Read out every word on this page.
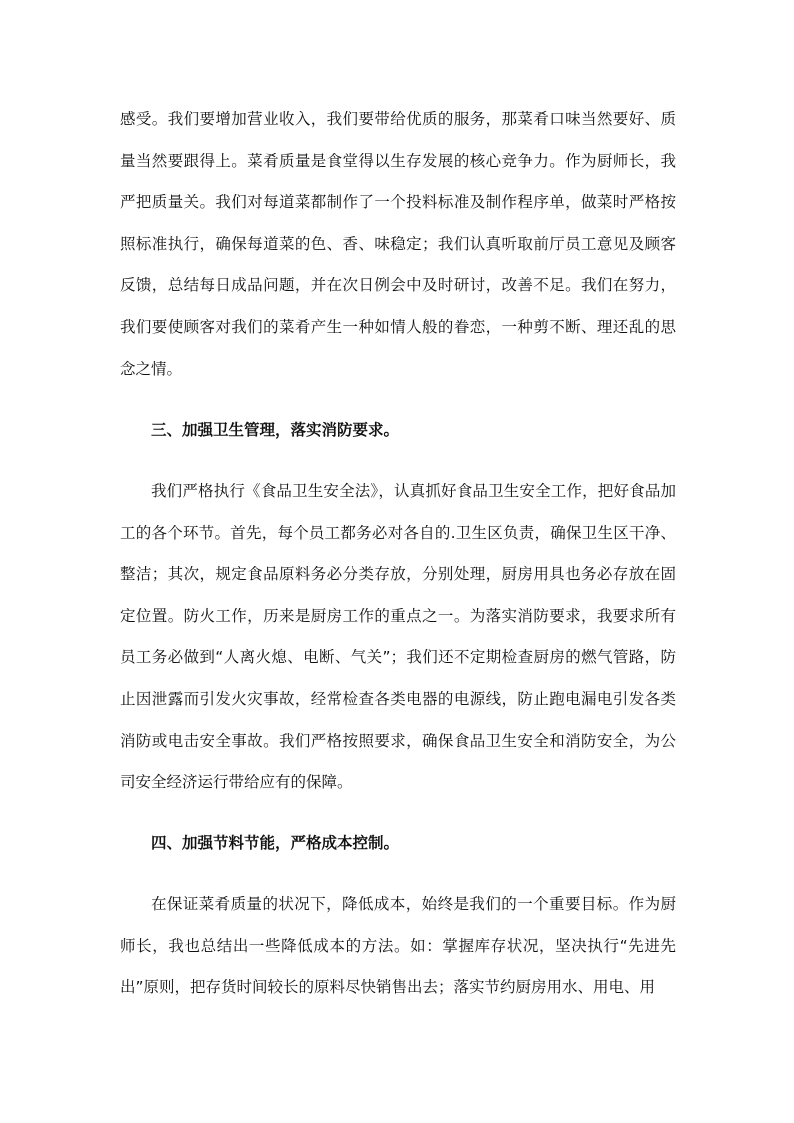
感受。我们要增加营业收入，我们要带给优质的服务，那菜肴口味当然要好、质量当然要跟得上。菜肴质量是食堂得以生存发展的核心竞争力。作为厨师长，我严把质量关。我们对每道菜都制作了一个投料标准及制作程序单，做菜时严格按照标准执行，确保每道菜的色、香、味稳定；我们认真听取前厅员工意见及顾客反馈，总结每日成品问题，并在次日例会中及时研讨，改善不足。我们在努力，我们要使顾客对我们的菜肴产生一种如情人般的眷恋，一种剪不断、理还乱的思念之情。

三、加强卫生管理，落实消防要求。

我们严格执行《食品卫生安全法》，认真抓好食品卫生安全工作，把好食品加工的各个环节。首先，每个员工都务必对各自的.卫生区负责，确保卫生区干净、整洁；其次，规定食品原料务必分类存放，分别处理，厨房用具也务必存放在固定位置。防火工作，历来是厨房工作的重点之一。为落实消防要求，我要求所有员工务必做到“人离火熄、电断、气关”；我们还不定期检查厨房的燃气管路，防止因泄露而引发火灾事故，经常检查各类电器的电源线，防止跑电漏电引发各类消防或电击安全事故。我们严格按照要求，确保食品卫生安全和消防安全，为公司安全经济运行带给应有的保障。

四、加强节料节能，严格成本控制。

在保证菜肴质量的状况下，降低成本，始终是我们的一个重要目标。作为厨师长，我也总结出一些降低成本的方法。如：掌握库存状况，坚决执行“先进先出”原则，把存货时间较长的原料尽快销售出去；落实节约厨房用水、用电、用
